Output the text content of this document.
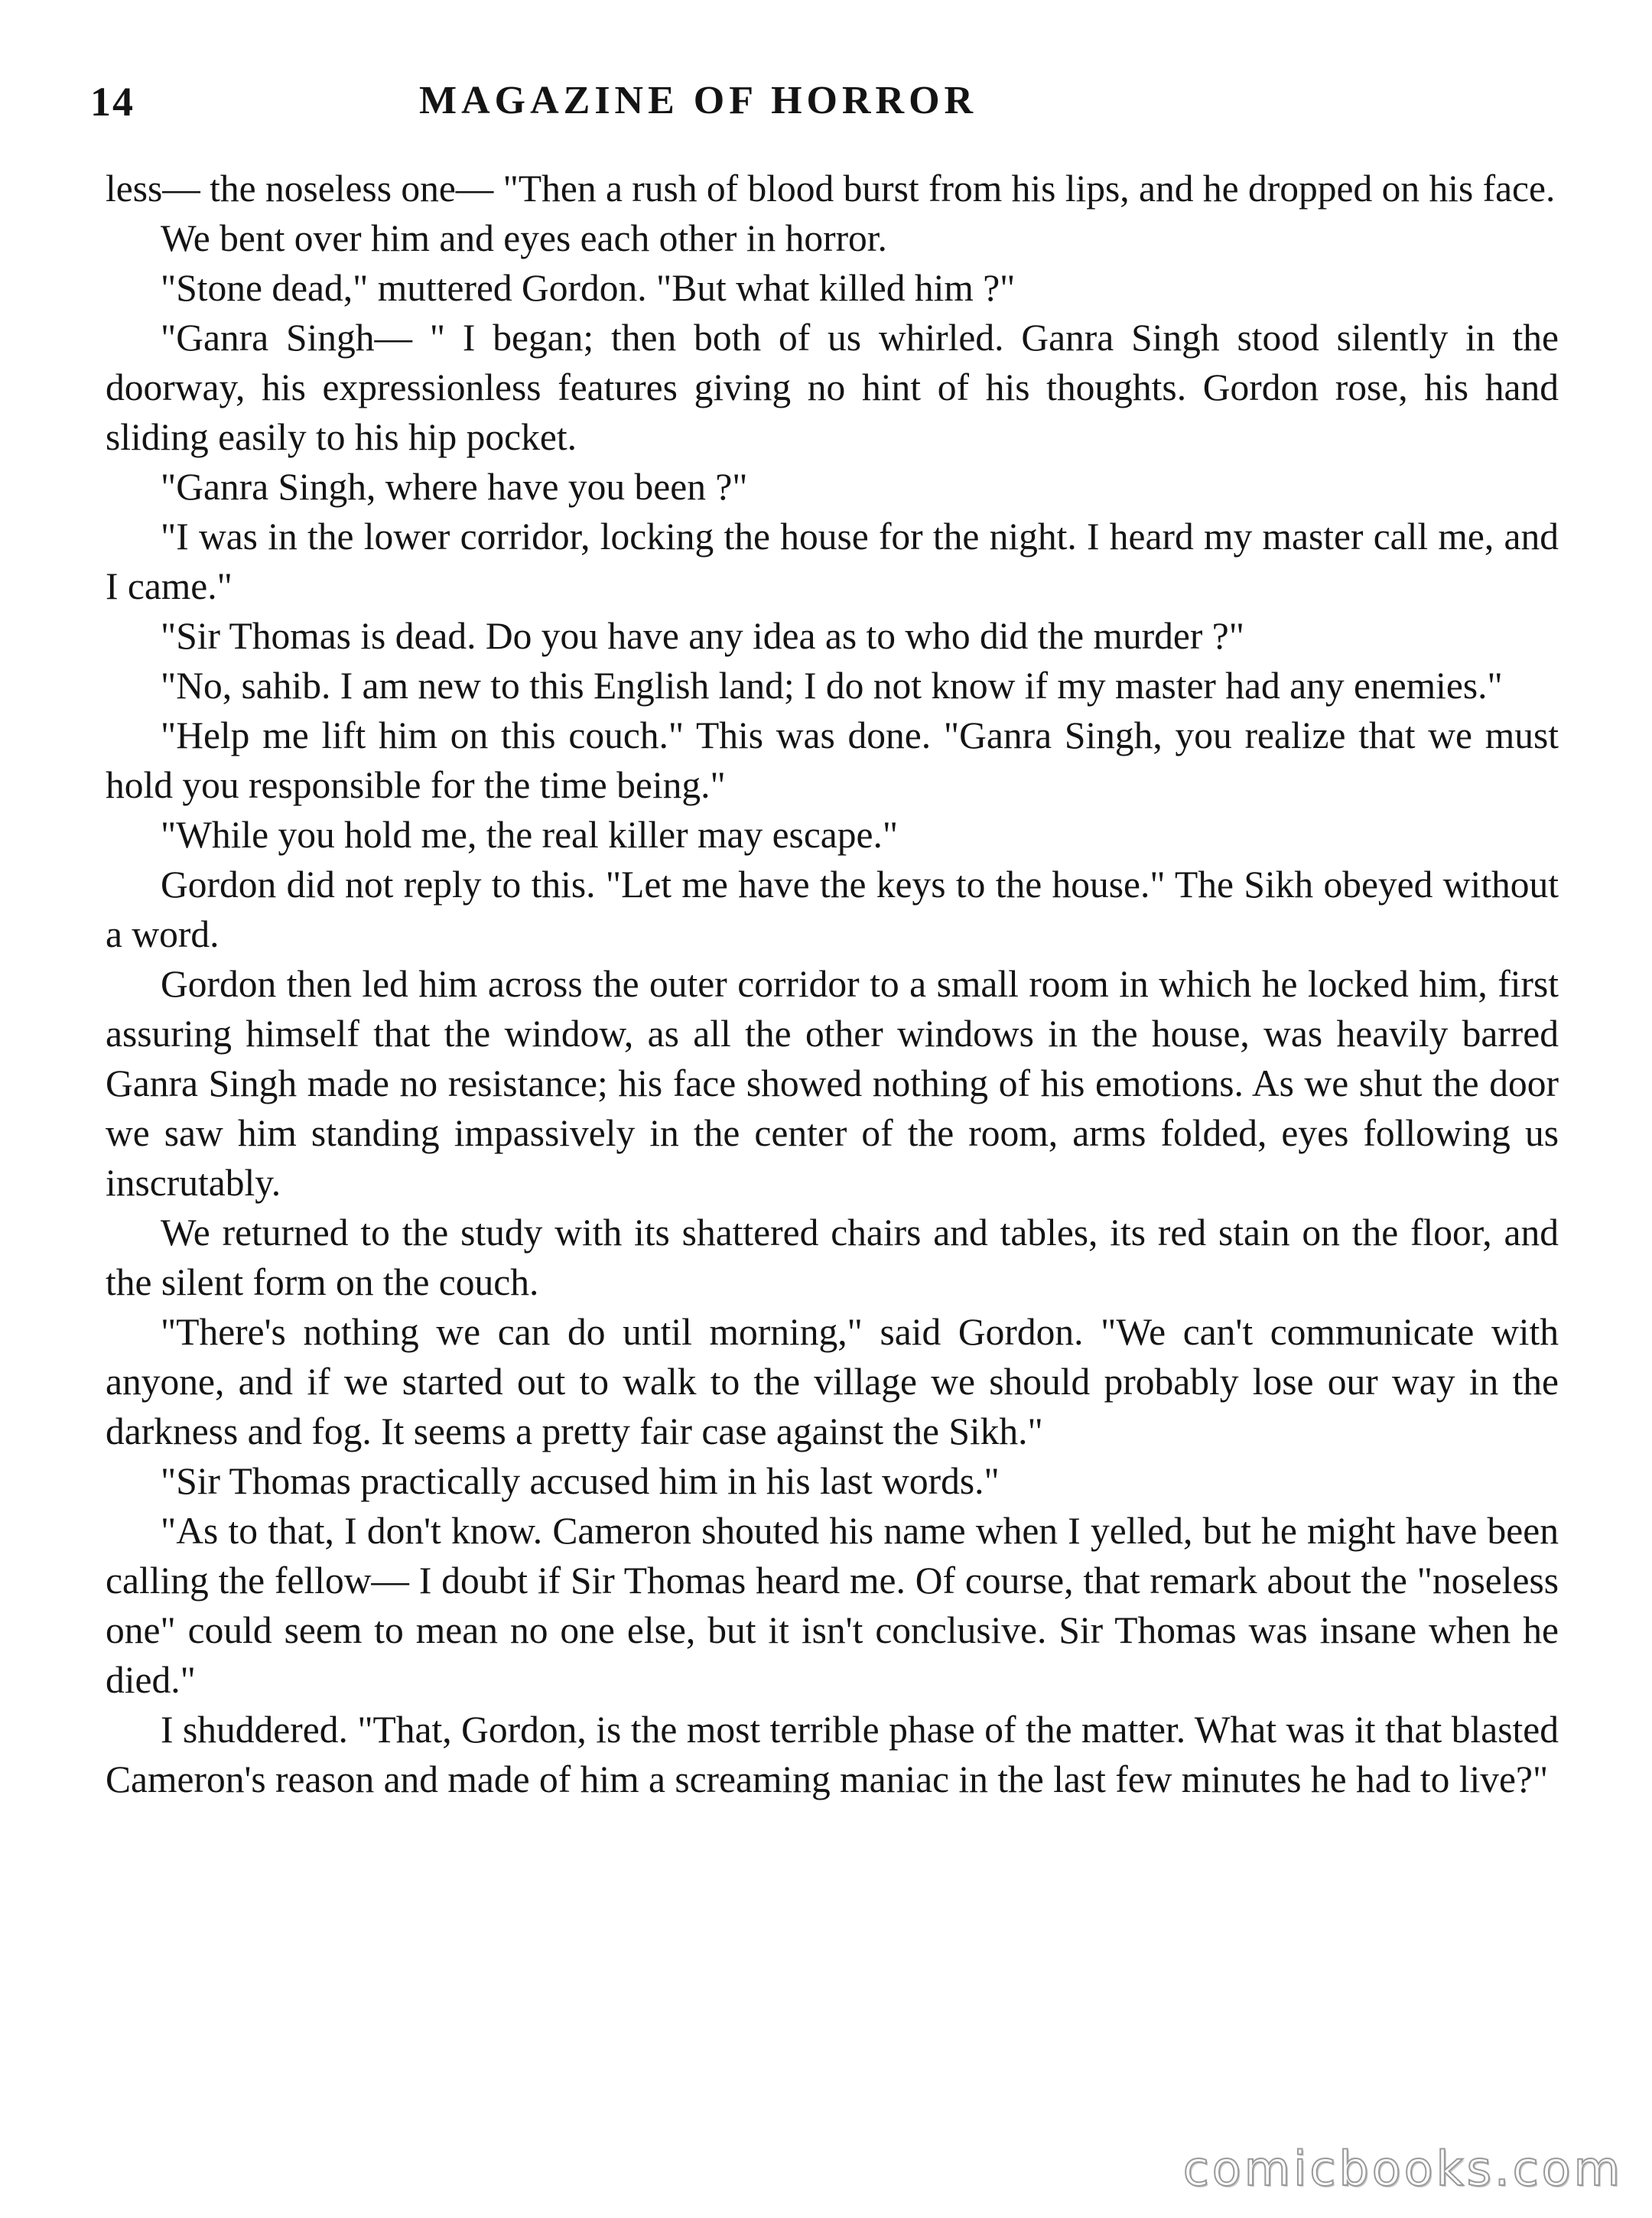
14	MAGAZINE OF HORROR

less— the noseless one— "Then a rush of blood burst from his lips, and he dropped on his face.

We bent over him and eyes each other in horror.

"Stone dead," muttered Gordon. "But what killed him ?"

"Ganra Singh— " I began; then both of us whirled. Ganra Singh stood silently in the doorway, his expressionless features giving no hint of his thoughts. Gordon rose, his hand sliding easily to his hip pocket.

"Ganra Singh, where have you been ?"

"I was in the lower corridor, locking the house for the night. I heard my master call me, and I came."

"Sir Thomas is dead. Do you have any idea as to who did the murder ?"

"No, sahib. I am new to this English land; I do not know if my master had any enemies."

"Help me lift him on this couch." This was done. "Ganra Singh, you realize that we must hold you responsible for the time being."

"While you hold me, the real killer may escape."

Gordon did not reply to this. "Let me have the keys to the house." The Sikh obeyed without a word.

Gordon then led him across the outer corridor to a small room in which he locked him, first assuring himself that the window, as all the other windows in the house, was heavily barred Ganra Singh made no resistance; his face showed nothing of his emotions. As we shut the door we saw him standing impassively in the center of the room, arms folded, eyes following us inscrutably.

We returned to the study with its shattered chairs and tables, its red stain on the floor, and the silent form on the couch.

"There's nothing we can do until morning," said Gordon. "We can't communicate with anyone, and if we started out to walk to the village we should probably lose our way in the darkness and fog. It seems a pretty fair case against the Sikh."

"Sir Thomas practically accused him in his last words."

"As to that, I don't know. Cameron shouted his name when I yelled, but he might have been calling the fellow— I doubt if Sir Thomas heard me. Of course, that remark about the "noseless one" could seem to mean no one else, but it isn't conclusive. Sir Thomas was insane when he died."

I shuddered. "That, Gordon, is the most terrible phase of the matter. What was it that blasted Cameron's reason and made of him a screaming maniac in the last few minutes he had to live?"

comicbooks.com
